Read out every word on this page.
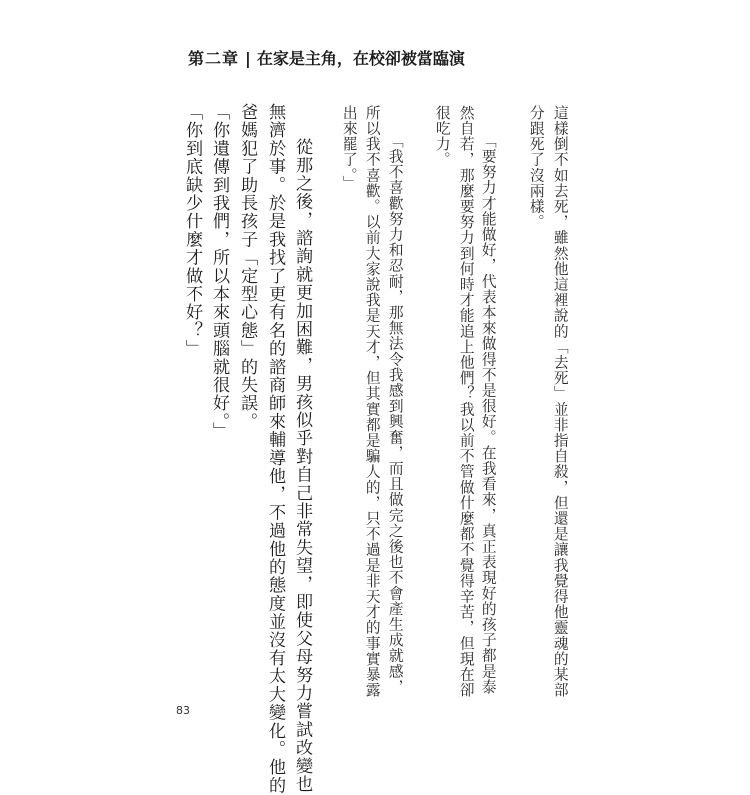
第二章 | 在家是主角，在校卻被當臨演
這樣倒不如去死，雖然他這裡說的「去死」並非指自殺，但還是讓我覺得他靈魂的某部
分跟死了沒兩樣。
「要努力才能做好，代表本來做得不是很好。在我看來，真正表現好的孩子都是泰
然自若，那麼要努力到何時才能追上他們？我以前不管做什麼都不覺得辛苦，但現在卻
很吃力。
「我不喜歡努力和忍耐，那無法令我感到興奮，而且做完之後也不會產生成就感，
所以我不喜歡。以前大家說我是天才，但其實都是騙人的，只不過是非天才的事實暴露
出來罷了。」
從那之後，諮詢就更加困難，男孩似乎對自己非常失望，即使父母努力嘗試改變也
無濟於事。於是我找了更有名的諮商師來輔導他，不過他的態度並沒有太大變化。他的
爸媽犯了助長孩子「定型心態」的失誤。
「你遺傳到我們，所以本來頭腦就很好。」
「你到底缺少什麼才做不好？」
83
